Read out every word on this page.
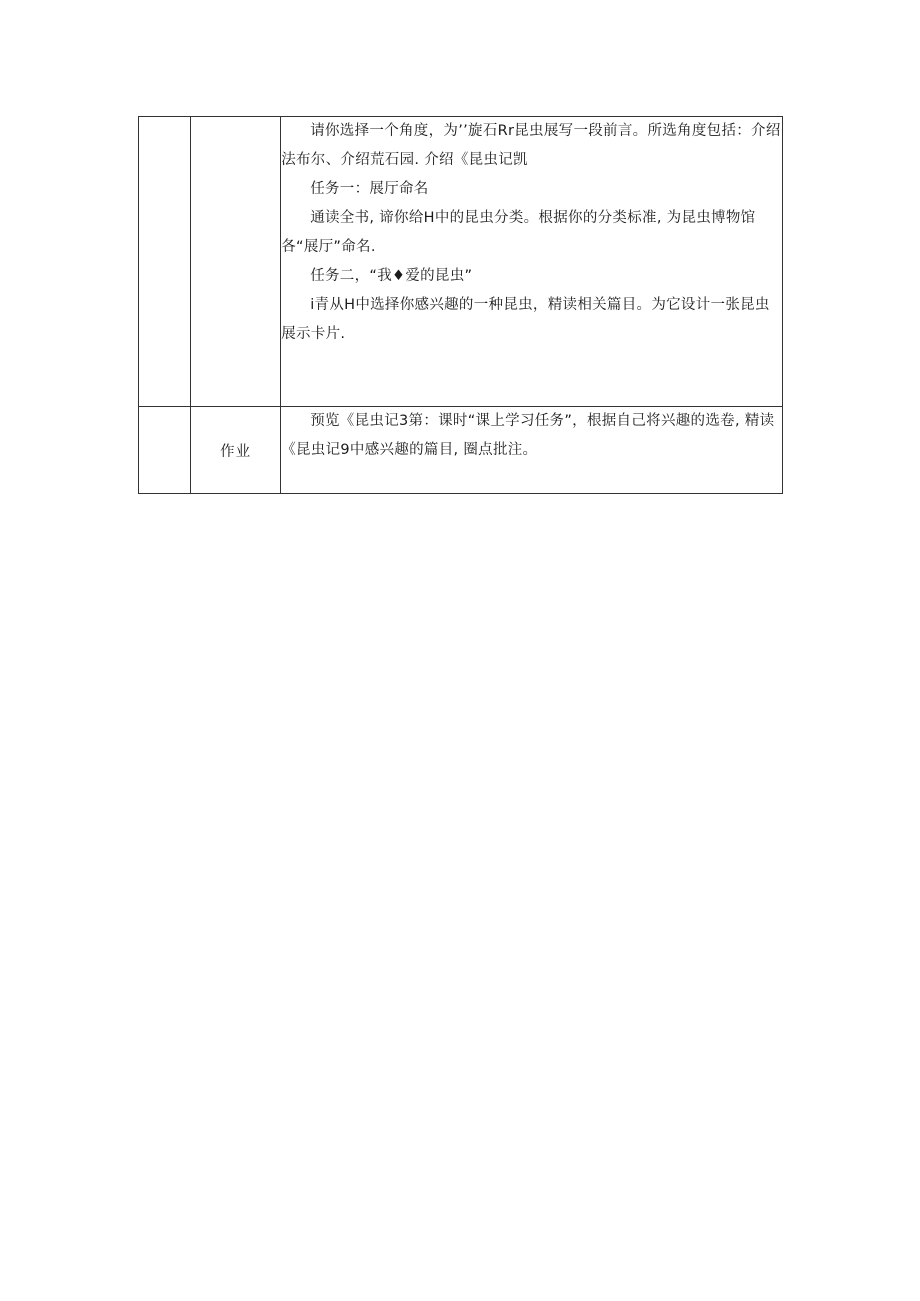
		请你选择一个角度，为’’旋石Rr昆虫展写一段前言。所选角度包括：介绍法布尔、介绍荒石园. 介绍《昆虫记凯

任务一：展厅命名

通读全书, 谛你给H中的昆虫分类。根据你的分类标准, 为昆虫博物馆各“展厅”命名.

任务二，“我♦爱的昆虫”

i青从H中选择你感兴趣的一种昆虫，精读相关篇目。为它设计一张昆虫展示卡片.

	作业	预览《昆虫记3第：课时“课上学习任务”，根据自己将兴趣的选卷, 精读《昆虫记9中感兴趣的篇目, 圈点批注。
